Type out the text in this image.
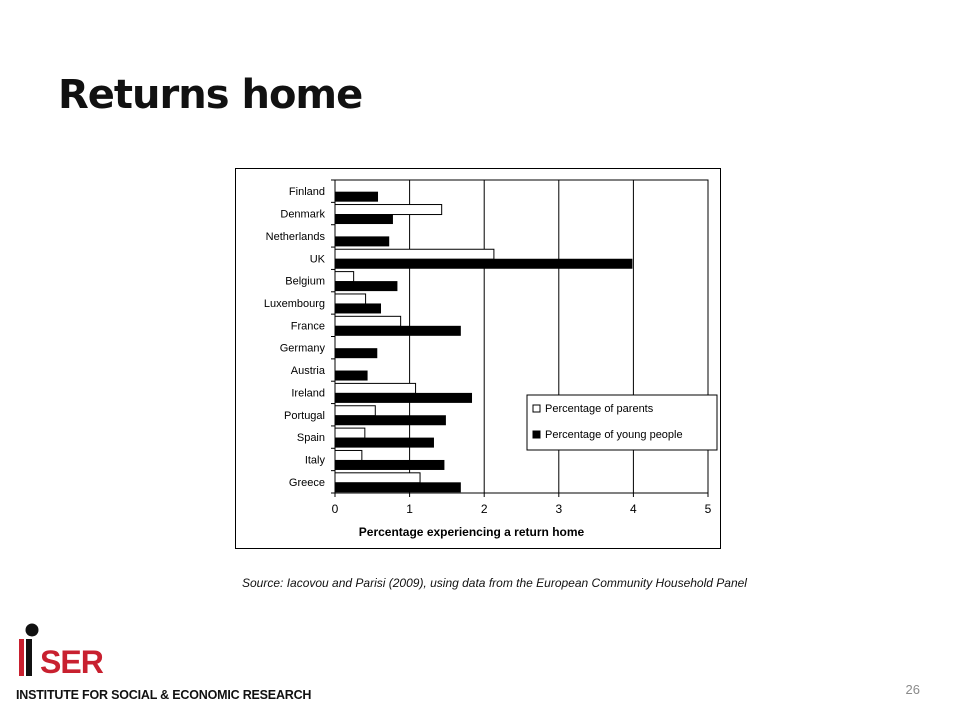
Returns home
Finland
Denmark
Netherlands
UK
Belgium
Luxembourg
France
Germany
Austria
Ireland
Portugal
Spain
Italy
Greece
0	1	2	3	4	5
Percentage experiencing a return home
Percentage of parents
Percentage of young people
Source: Iacovou and Parisi (2009), using data from the European Community Household Panel
SER
INSTITUTE FOR SOCIAL & ECONOMIC RESEARCH	26
